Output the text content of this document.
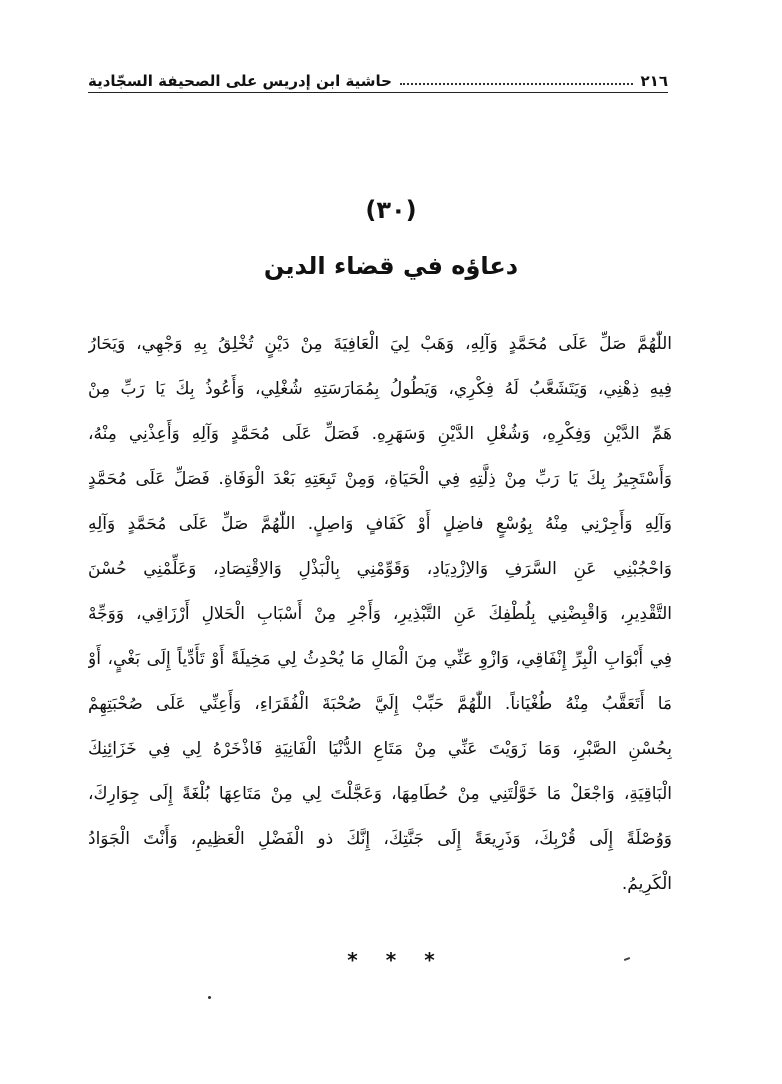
٢١٦
حاشية ابن إدريس على الصحيفة السجّادية
(٣٠)
دعاؤه في قضاء الدين
اللّٰهُمَّ صَلِّ عَلَى مُحَمَّدٍ وَآلِهِ، وَهَبْ لِيَ الْعَافِيَةَ مِنْ دَيْنٍ تُخْلِقُ بِهِ وَجْهِي، وَيَحَارُ
فِيهِ ذِهْنِي، وَيَتَشَعَّبُ لَهُ فِكْرِي، وَيَطُولُ بِمُمَارَسَتِهِ شُغْلِي، وَأَعُوذُ بِكَ يَا رَبِّ مِنْ
هَمِّ الدَّيْنِ وَفِكْرِهِ، وَشُغْلِ الدَّيْنِ وَسَهَرِهِ. فَصَلِّ عَلَى مُحَمَّدٍ وَآلِهِ وَأَعِذْنِي مِنْهُ،
وَأَسْتَجِيرُ بِكَ يَا رَبِّ مِنْ ذِلَّتِهِ فِي الْحَيَاةِ، وَمِنْ تَبِعَتِهِ بَعْدَ الْوَفَاةِ. فَصَلِّ عَلَى مُحَمَّدٍ
وَآلِهِ وَأَجِرْنِي مِنْهُ بِوُسْعٍ فاضِلٍ أَوْ كَفَافٍ وَاصِلٍ. اللّٰهُمَّ صَلِّ عَلَى مُحَمَّدٍ وَآلِهِ
وَاحْجُبْنِي عَنِ السَّرَفِ وَالاِزْدِيَادِ، وَقَوِّمْنِي بِالْبَذْلِ وَالاِقْتِصَادِ، وَعَلِّمْنِي حُسْنَ
التَّقْدِيرِ، وَاقْبِضْنِي بِلُطْفِكَ عَنِ التَّبْذِيرِ، وَأَجْرِ مِنْ أَسْبَابِ الْحَلالِ أَرْزَاقِي، وَوَجِّهْ
فِي أَبْوَابِ الْبِرِّ إِنْفَاقِي، وَازْوِ عَنِّي مِنَ الْمَالِ مَا يُحْدِثُ لِي مَخِيلَةً أَوْ تَأَدِّياً إِلَى بَغْيٍ، أَوْ
مَا أَتَعَقَّبُ مِنْهُ طُغْيَاناً. اللّٰهُمَّ حَبِّبْ إِلَيَّ صُحْبَةَ الْفُقَرَاءِ، وَأَعِنِّي عَلَى صُحْبَتِهِمْ
بِحُسْنِ الصَّبْرِ، وَمَا زَوَيْتَ عَنِّي مِنْ مَتَاعِ الدُّنْيَا الْفَانِيَةِ فَاذْخَرْهُ لِي فِي خَزَائِنِكَ
الْبَاقِيَةِ، وَاجْعَلْ مَا خَوَّلْتَنِي مِنْ حُطَامِهَا، وَعَجَّلْتَ لِي مِنْ مَتَاعِهَا بُلْغَةً إِلَى جِوَارِكَ،
وَوُصْلَةً إِلَى قُرْبِكَ، وَذَرِيعَةً إِلَى جَنَّتِكَ، إِنَّكَ ذو الْفَضْلِ الْعَظِيمِ، وَأَنْتَ الْجَوَادُ
الْكَرِيمُ.
* * *
